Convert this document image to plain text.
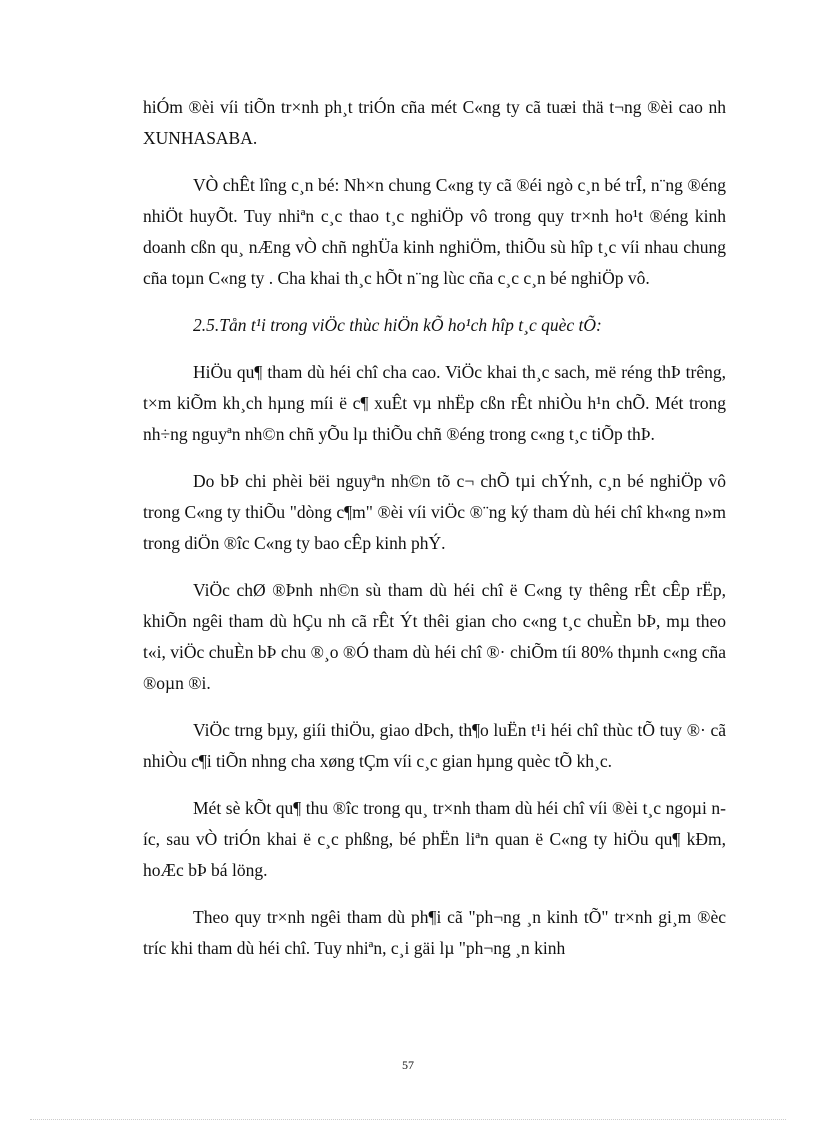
hiÓm ®èi víi tiÕn tr×nh ph¸t triÓn cña mét C«ng ty cã tuæi thä t¬ng ®èi cao nh XUNHASABA.

VÒ chÊt lîng c¸n bé: Nh×n chung C«ng ty cã ®éi ngò c¸n bé trÎ, n¨ng ®éng nhiÖt huyÕt. Tuy nhiªn c¸c thao t¸c nghiÖp vô trong quy tr×nh ho¹t ®éng kinh doanh cßn qu¸ nÆng vÒ chñ nghÜa kinh nghiÖm, thiÕu sù hîp t¸c víi nhau chung cña toµn C«ng ty . Cha khai th¸c hÕt n¨ng lùc cña c¸c c¸n bé nghiÖp vô.

2.5.Tån t¹i trong viÖc thùc hiÖn kÕ ho¹ch hîp t¸c quèc tÕ:

HiÖu qu¶ tham dù héi chî cha cao. ViÖc khai th¸c sach, më réng thÞ trêng, t×m kiÕm kh¸ch hµng míi ë c¶ xuÊt vµ nhËp cßn rÊt nhiÒu h¹n chÕ. Mét trong nh÷ng nguyªn nh©n chñ yÕu lµ thiÕu chñ ®éng trong c«ng t¸c tiÕp thÞ.

Do bÞ chi phèi bëi nguyªn nh©n tõ c¬ chÕ tµi chÝnh, c¸n bé nghiÖp vô trong C«ng ty thiÕu "dòng c¶m" ®èi víi viÖc ®¨ng ký tham dù héi chî kh«ng n»m trong diÖn ®îc C«ng ty bao cÊp kinh phÝ.

ViÖc chØ ®Þnh nh©n sù tham dù héi chî ë C«ng ty thêng rÊt cÊp rËp, khiÕn ngêi tham dù hÇu nh cã rÊt Ýt thêi gian cho c«ng t¸c chuÈn bÞ, mµ theo t«i, viÖc chuÈn bÞ chu ®¸o ®Ó tham dù héi chî ®· chiÕm tíi 80% thµnh c«ng cña ®oµn ®i.

ViÖc trng bµy, giíi thiÖu, giao dÞch, th¶o luËn t¹i héi chî thùc tÕ tuy ®· cã nhiÒu c¶i tiÕn nhng cha xøng tÇm víi c¸c gian hµng quèc tÕ kh¸c.

Mét sè kÕt qu¶ thu ®îc trong qu¸ tr×nh tham dù héi chî víi ®èi t¸c ngoµi níc, sau vÒ triÓn khai ë c¸c phßng, bé phËn liªn quan ë C«ng ty hiÖu qu¶ kÐm, hoÆc bÞ bá löng.

Theo quy tr×nh ngêi tham dù ph¶i cã "ph¬ng ¸n kinh tÕ" tr×nh gi¸m ®èc tríc khi tham dù héi chî. Tuy nhiªn, c¸i gäi lµ "ph¬ng ¸n kinh

57
